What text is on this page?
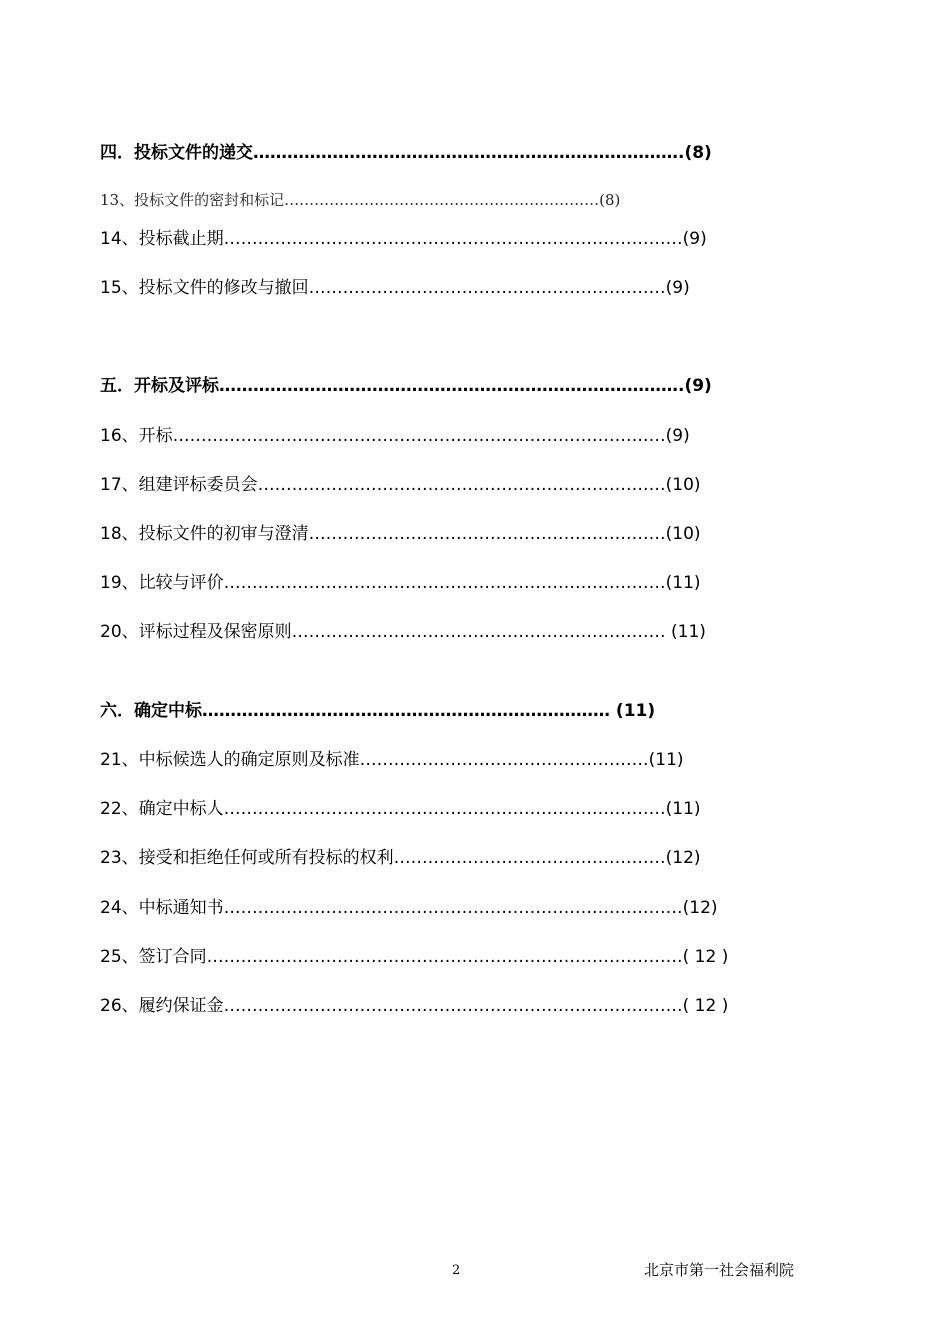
四．投标文件的递交………………………………………………………………….(8)
13、投标文件的密封和标记………………………………………………………(8)
14、投标截止期………………………………………………………………………(9)
15、投标文件的修改与撤回………………………………………………………(9)
五．开标及评标……………………………………………………………………….(9)
16、开标……………………………………………………………………………(9)
17、组建评标委员会………………………………………………………………(10)
18、投标文件的初审与澄清………………………………………………………(10)
19、比较与评价……………………………………………………………………(11)
20、评标过程及保密原则………………………………………………………… (11)
六．确定中标……………………………………………………………… (11)
21、中标候选人的确定原则及标准……………………………………………(11)
22、确定中标人……………………………………………………………………(11)
23、接受和拒绝任何或所有投标的权利…………………………………………(12)
24、中标通知书………………………………………………………………………(12)
25、签订合同…………………………………………………………………………( 12 )
26、履约保证金………………………………………………………………………( 12 )
2	北京市第一社会福利院
